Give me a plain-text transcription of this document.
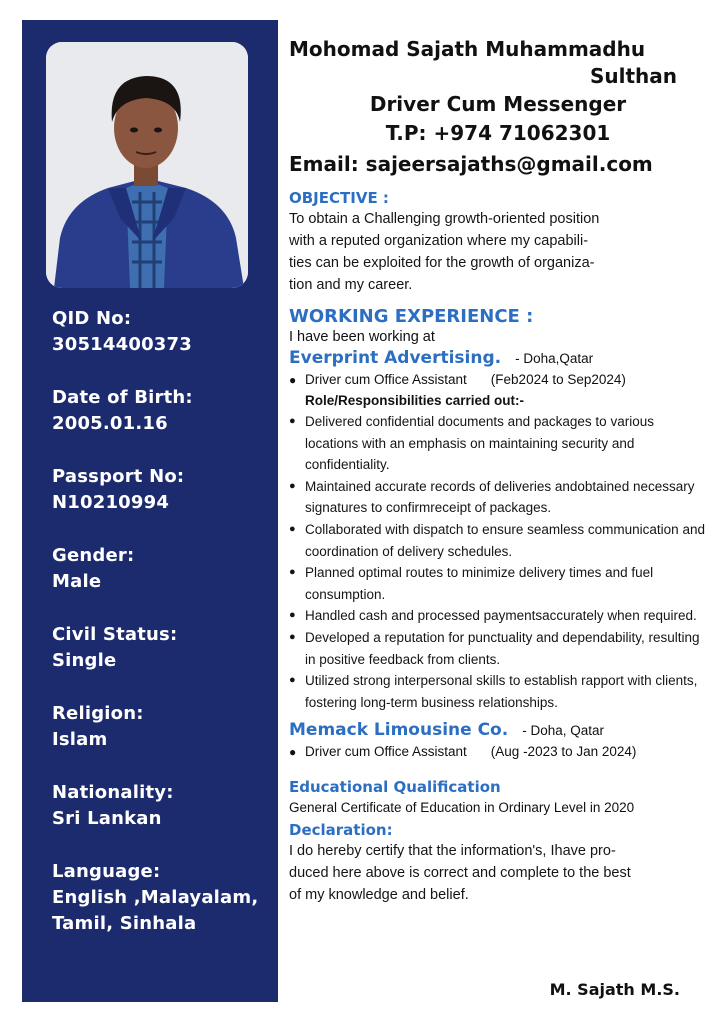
QID No:
30514400373
Date of Birth:
2005.01.16
Passport No:
N10210994
Gender:
Male
Civil Status:
Single
Religion:
Islam
Nationality:
Sri Lankan
Language:
English ,Malayalam,
Tamil, Sinhala
Mohomad Sajath Muhammadhu
Sulthan
Driver Cum Messenger
T.P: +974 71062301
Email: sajeersajaths@gmail.com
OBJECTIVE :
To obtain a Challenging growth-oriented position
with a reputed organization where my capabili-
ties can be exploited for the growth of organiza-
tion and my career.
WORKING EXPERIENCE :
I have been working at
Everprint Advertising. - Doha,Qatar
● Driver cum Office Assistant (Feb2024 to Sep2024)
Role/Responsibilities carried out:-
● Delivered confidential documents and packages to various locations with an emphasis on maintaining security and confidentiality.
● Maintained accurate records of deliveries andobtained necessary signatures to confirmreceipt of packages.
● Collaborated with dispatch to ensure seamless communication and coordination of delivery schedules.
● Planned optimal routes to minimize delivery times and fuel consumption.
● Handled cash and processed paymentsaccurately when required.
● Developed a reputation for punctuality and dependability, resulting in positive feedback from clients.
● Utilized strong interpersonal skills to establish rapport with clients, fostering long-term business relationships.
Memack Limousine Co. - Doha, Qatar
● Driver cum Office Assistant (Aug -2023 to Jan 2024)
Educational Qualification
General Certificate of Education in Ordinary Level in 2020
Declaration:
I do hereby certify that the information's, Ihave pro-
duced here above is correct and complete to the best
of my knowledge and belief.
M. Sajath M.S.
